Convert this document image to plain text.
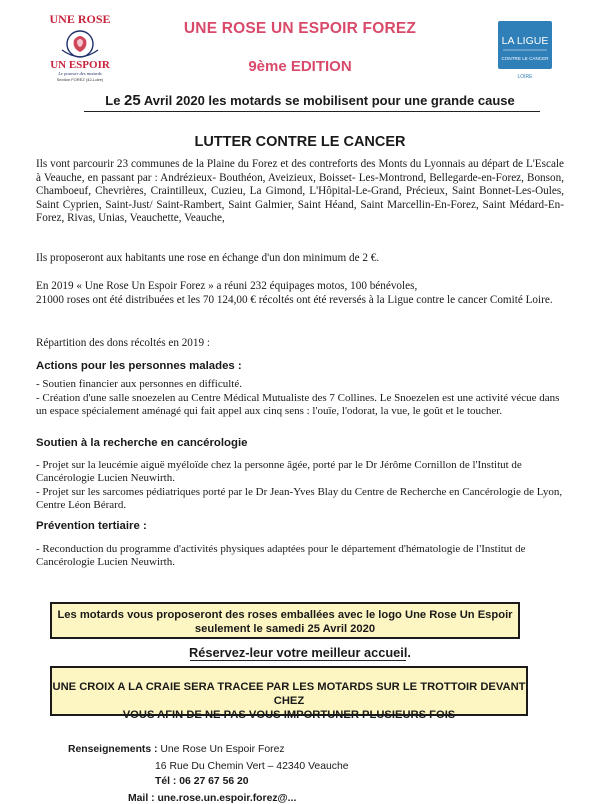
UNE ROSE
UN ESPOIR
Le pouvoir des motards
Section FOREZ (42-Loire)
UNE ROSE UN ESPOIR FOREZ
9ème EDITION
LA LIGUE
CONTRE LE CANCER
LOIRE
Le 25 Avril 2020 les motards se mobilisent pour une grande cause
LUTTER CONTRE LE CANCER

Ils vont parcourir 23 communes de la Plaine du Forez et des contreforts des Monts du Lyonnais au départ de L'Escale à Veauche, en passant par : Andrézieux- Bouthéon, Aveizieux, Boisset- Les-Montrond, Bellegarde-en-Forez, Bonson, Chamboeuf, Chevrières, Craintilleux, Cuzieu, La Gimond, L'Hôpital-Le-Grand, Précieux, Saint Bonnet-Les-Oules, Saint Cyprien, Saint-Just/ Saint-Rambert, Saint Galmier, Saint Héand, Saint Marcellin-En-Forez, Saint Médard-En-Forez, Rivas, Unias, Veauchette, Veauche,

Ils proposeront aux habitants une rose en échange d'un don minimum de 2 €.

En 2019 « Une Rose Un Espoir Forez » a réuni 232 équipages motos, 100 bénévoles,

21000 roses ont été distribuées et les 70 124,00 € récoltés ont été reversés à la Ligue contre le cancer Comité Loire.

Répartition des dons récoltés en 2019 :

Actions pour les personnes malades :

- Soutien financier aux personnes en difficulté.

- Création d'une salle snoezelen au Centre Médical Mutualiste des 7 Collines. Le Snoezelen est une activité vécue dans un espace spécialement aménagé qui fait appel aux cinq sens : l'ouïe, l'odorat, la vue, le goût et le toucher.

Soutien à la recherche en cancérologie

- Projet sur la leucémie aiguë myéloïde chez la personne âgée, porté par le Dr Jérôme Cornillon de l'Institut de Cancérologie Lucien Neuwirth.

- Projet sur les sarcomes pédiatriques porté par le Dr Jean-Yves Blay du Centre de Recherche en Cancérologie de Lyon, Centre Léon Bérard.

Prévention tertiaire :

- Reconduction du programme d'activités physiques adaptées pour le département d'hématologie de l'Institut de Cancérologie Lucien Neuwirth.

Les motards vous proposeront des roses emballées avec le logo Une Rose Un Espoir
seulement le samedi 25 Avril 2020
Réservez-leur votre meilleur accueil.
UNE CROIX A LA CRAIE SERA TRACEE PAR LES MOTARDS SUR LE TROTTOIR DEVANT CHEZ
VOUS AFIN DE NE PAS VOUS IMPORTUNER PLUSIEURS FOIS
Renseignements : Une Rose Un Espoir Forez
16 Rue Du Chemin Vert – 42340 Veauche
Tél : 06 27 67 56 20
Mail : une.rose.un.espoir.forez@...
